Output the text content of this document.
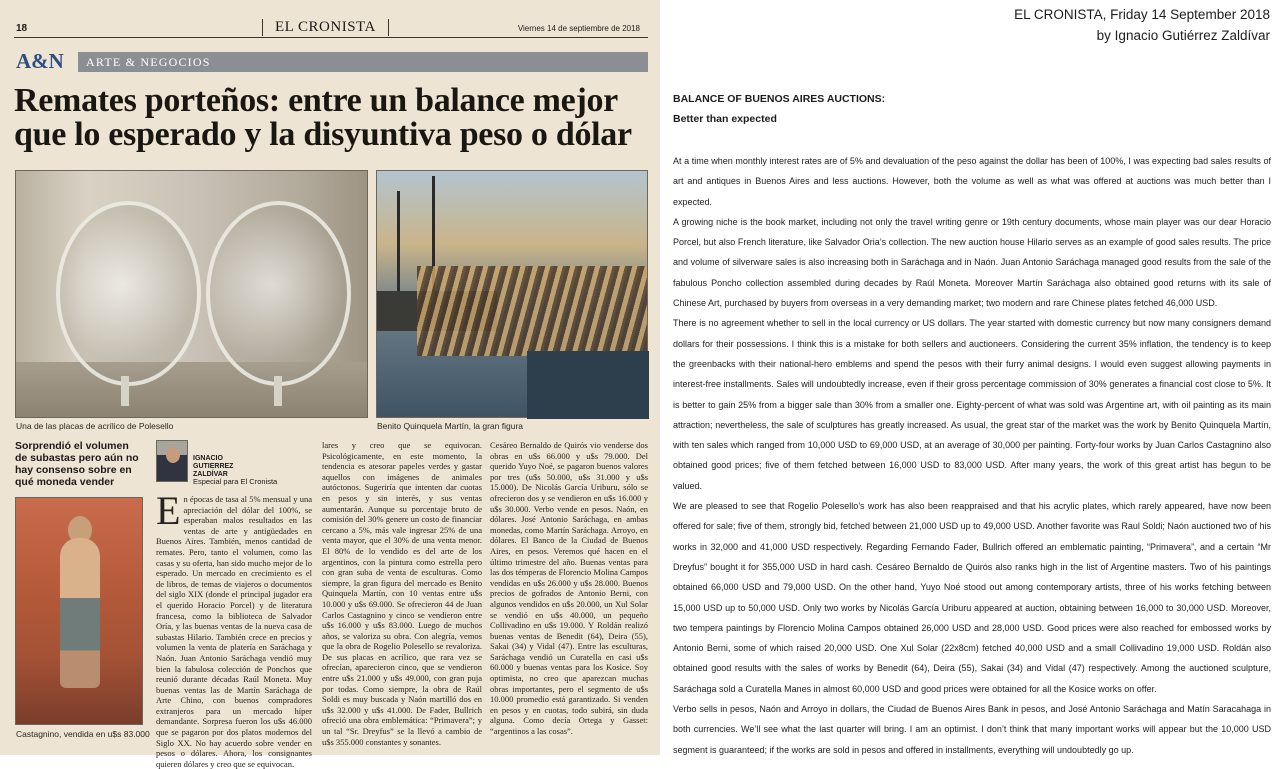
18	EL CRONISTA	Viernes 14 de septiembre de 2018
A&N	ARTE & NEGOCIOS
Remates porteños: entre un balance mejor que lo esperado y la disyuntiva peso o dólar
Una de las placas de acrílico de Polesello	Benito Quinquela Martín, la gran figura
Sorprendió el volumen de subastas pero aún no hay consenso sobre en qué moneda vender
IGNACIO GUTIERREZ ZALDÍVAR
Especial para El Cronista
Castagnino, vendida en u$s 83.000
En épocas de tasa al 5% mensual y una apreciación del dólar del 100%, se esperaban malos resultados en las ventas de arte y antigüedades en Buenos Aires. También, menos cantidad de remates. Pero, tanto el volumen, como las casas y su oferta, han sido mucho mejor de lo esperado. Un mercado en crecimiento es el de libros, de temas de viajeros o documentos del siglo XIX (donde el principal jugador era el querido Horacio Porcel) y de literatura francesa, como la biblioteca de Salvador Oría, y las buenas ventas de la nueva casa de subastas Hilario. También crece en precios y volumen la venta de platería en Saráchaga y Naón. Juan Antonio Saráchaga vendió muy bien la fabulosa colección de Ponchos que reunió durante décadas Raúl Moneta. Muy buenas ventas las de Martín Saráchaga de Arte Chino, con buenos compradores extranjeros para un mercado híper demandante. Sorpresa fueron los u$s 46.000 que se pagaron por dos platos modernos del Siglo XX. No hay acuerdo sobre vender en pesos o dólares. Ahora, los consignantes quieren dólares y creo que se equivocan.
lares y creo que se equivocan. Psicológicamente, en este momento, la tendencia es atesorar papeles verdes y gastar aquellos con imágenes de animales autóctonos. Sugeriría que intenten dar cuotas en pesos y sin interés, y sus ventas aumentarán. Aunque su porcentaje bruto de comisión del 30% genere un costo de financiar cercano a 5%, más vale ingresar 25% de una venta mayor, que el 30% de una venta menor. El 80% de lo vendido es del arte de los argentinos, con la pintura como estrella pero con gran suba de venta de esculturas. Como siempre, la gran figura del mercado es Benito Quinquela Martín, con 10 ventas entre u$s 10.000 y u$s 69.000. Se ofrecieron 44 de Juan Carlos Castagnino y cinco se vendieron entre u$s 16.000 y u$s 83.000. Luego de muchos años, se valoriza su obra. Con alegría, vemos que la obra de Rogelio Polesello se revaloriza. De sus placas en acrílico, que rara vez se ofrecían, aparecieron cinco, que se vendieron entre u$s 21.000 y u$s 49.000, con gran puja por todas. Como siempre, la obra de Raúl Soldi es muy buscada y Naón martilló dos en u$s 32.000 y u$s 41.000. De Fader, Bullrich ofreció una obra emblemática: “Primavera”; y un tal “Sr. Dreyfus” se la llevó a cambio de u$s 355.000 constantes y sonantes.
Cesáreo Bernaldo de Quirós vio venderse dos obras en u$s 66.000 y u$s 79.000. Del querido Yuyo Noé, se pagaron buenos valores por tres (u$s 50.000, u$s 31.000 y u$s 15.000). De Nicolás García Uriburu, sólo se ofrecieron dos y se vendieron en u$s 16.000 y u$s 30.000. Verbo vende en pesos. Naón, en dólares. José Antonio Saráchaga, en ambas monedas, como Martín Saráchaga. Arroyo, en dólares. El Banco de la Ciudad de Buenos Aires, en pesos. Veremos qué hacen en el último trimestre del año. Buenas ventas para las dos témperas de Florencio Molina Campos vendidas en u$s 26.000 y u$s 28.000. Buenos precios de gofrados de Antonio Berni, con algunos vendidos en u$s 20.000, un Xul Solar se vendió en u$s 40.000, un pequeño Collivadino en u$s 19.000. Y Roldán realizó buenas ventas de Benedit (64), Deira (55), Sakai (34) y Vidal (47). Entre las esculturas, Saráchaga vendió un Curatella en casi u$s 60.000 y buenas ventas para los Kosice. Soy optimista, no creo que aparezcan muchas obras importantes, pero el segmento de u$s 10.000 promedio está garantizado. Si venden en pesos y en cuotas, todo subirá, sin duda alguna. Como decía Ortega y Gasset: “argentinos a las cosas”.
EL CRONISTA, Friday 14 September 2018
by Ignacio Gutiérrez Zaldívar
BALANCE OF BUENOS AIRES AUCTIONS:
Better than expected

At a time when monthly interest rates are of 5% and devaluation of the peso against the dollar has been of 100%, I was expecting bad sales results of art and antiques in Buenos Aires and less auctions. However, both the volume as well as what was offered at auctions was much better than I expected.

A growing niche is the book market, including not only the travel writing genre or 19th century documents, whose main player was our dear Horacio Porcel, but also French literature, like Salvador Oria’s collection. The new auction house Hilario serves as an example of good sales results. The price and volume of silverware sales is also increasing both in Saráchaga and in Naón. Juan Antonio Saráchaga managed good results from the sale of the fabulous Poncho collection assembled during decades by Raúl Moneta. Moreover Martín Saráchaga also obtained good returns with its sale of Chinese Art, purchased by buyers from overseas in a very demanding market; two modern and rare Chinese plates fetched 46,000 USD.

There is no agreement whether to sell in the local currency or US dollars. The year started with domestic currency but now many consigners demand dollars for their possessions. I think this is a mistake for both sellers and auctioneers. Considering the current 35% inflation, the tendency is to keep the greenbacks with their national-hero emblems and spend the pesos with their furry animal designs. I would even suggest allowing payments in interest-free installments. Sales will undoubtedly increase, even if their gross percentage commission of 30% generates a financial cost close to 5%. It is better to gain 25% from a bigger sale than 30% from a smaller one. Eighty-percent of what was sold was Argentine art, with oil painting as its main attraction; nevertheless, the sale of sculptures has greatly increased. As usual, the great star of the market was the work by Benito Quinquela Martín, with ten sales which ranged from 10,000 USD to 69,000 USD, at an average of 30,000 per painting. Forty-four works by Juan Carlos Castagnino also obtained good prices; five of them fetched between 16,000 USD to 83,000 USD. After many years, the work of this great artist has begun to be valued.

We are pleased to see that Rogelio Polesello’s work has also been reappraised and that his acrylic plates, which rarely appeared, have now been offered for sale; five of them, strongly bid, fetched between 21,000 USD up to 49,000 USD. Another favorite was Raul Soldi; Naón auctioned two of his works in 32,000 and 41,000 USD respectively. Regarding Fernando Fader, Bullrich offered an emblematic painting, “Primavera”, and a certain “Mr Dreyfus” bought it for 355,000 USD in hard cash. Cesáreo Bernaldo de Quirós also ranks high in the list of Argentine masters. Two of his paintings obtained 66,000 USD and 79,000 USD. On the other hand, Yuyo Noé stood out among contemporary artists, three of his works fetching between 15,000 USD up to 50,000 USD. Only two works by Nicolás García Uriburu appeared at auction, obtaining between 16,000 to 30,000 USD. Moreover, two tempera paintings by Florencio Molina Campos obtained 26,000 USD and 28,000 USD. Good prices were also reached for embossed works by Antonio Berni, some of which raised 20,000 USD. One Xul Solar (22x8cm) fetched 40,000 USD and a small Collivadino 19,000 USD. Roldán also obtained good results with the sales of works by Benedit (64), Deira (55), Sakai (34) and Vidal (47) respectively. Among the auctioned sculpture, Saráchaga sold a Curatella Manes in almost 60,000 USD and good prices were obtained for all the Kosice works on offer.

Verbo sells in pesos, Naón and Arroyo in dollars, the Ciudad de Buenos Aires Bank in pesos, and José Antonio Saráchaga and Matín Saracahaga in both currencies. We’ll see what the last quarter will bring. I am an optimist. I don’t think that many important works will appear but the 10,000 USD segment is guaranteed; if the works are sold in pesos and offered in installments, everything will undoubtedly go up.
